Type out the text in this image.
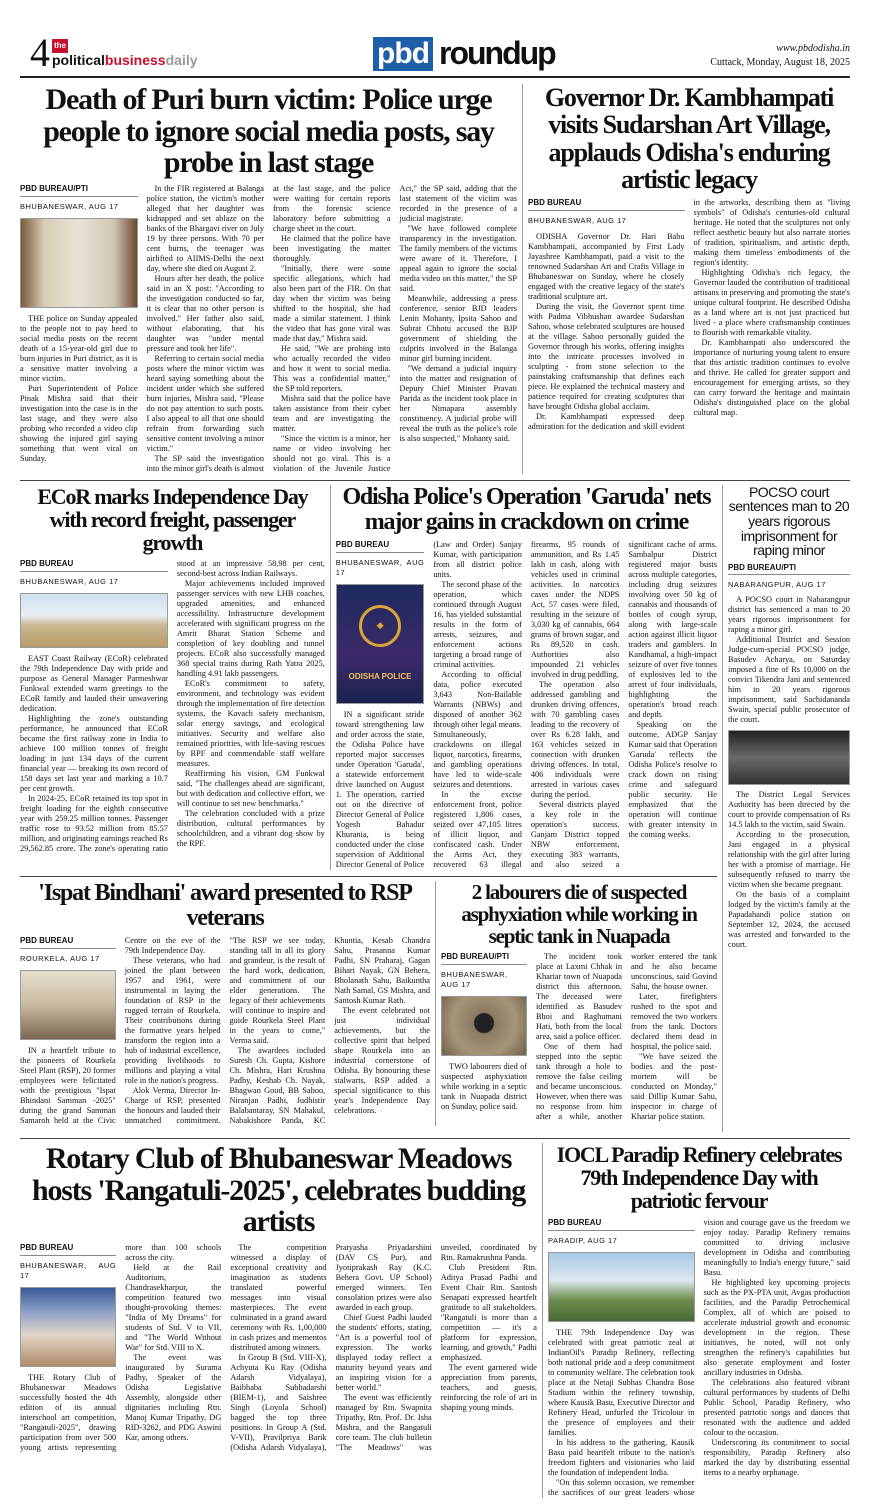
4 the
politicalbusinessdaily	pbd roundup	www.pbdodisha.in
Cuttack, Monday, August 18, 2025
Death of Puri burn victim: Police urge people to ignore social media posts, say probe in last stage
PBD BUREAU/PTI
BHUBANESWAR, AUG 17

THE police on Sunday appealed to the people not to pay heed to social media posts on the recent death of a 15-year-old girl due to burn injuries in Puri district, as it is a sensitive matter involving a minor victim.

Puri Superintendent of Police Pinak Mishra said that their investigation into the case is in the last stage, and they were also probing who recorded a video clip showing the injured girl saying something that went viral on Sunday.

In the FIR registered at Balanga police station, the victim's mother alleged that her daughter was kidnapped and set ablaze on the banks of the Bhargavi river on July 19 by three persons. With 70 per cent burns, the teenager was airlifted to AIIMS-Delhi the next day, where she died on August 2.

Hours after her death, the police said in an X post: "According to the investigation conducted so far, it is clear that no other person is involved." Her father also said, without elaborating, that his daughter was "under mental pressure and took her life".

Referring to certain social media posts where the minor victim was heard saying something about the incident under which she suffered burn injuries, Mishra said, "Please do not pay attention to such posts. I also appeal to all that one should refrain from forwarding such sensitive content involving a minor victim."

The SP said the investigation into the minor girl's death is almost at the last stage, and the police were waiting for certain reports from the forensic science laboratory before submitting a charge sheet in the court.

He claimed that the police have been investigating the matter thoroughly.

"Initially, there were some specific allegations, which had also been part of the FIR. On that day when the victim was being shifted to the hospital, she had made a similar statement. I think the video that has gone viral was made that day," Mishra said.

He said, "We are probing into who actually recorded the video and how it went to social media. This was a confidential matter," the SP told reporters.

Mishra said that the police have taken assistance from their cyber team and are investigating the matter.

"Since the victim is a minor, her name or video involving her should not go viral. This is a violation of the Juvenile Justice Act," the SP said, adding that the last statement of the victim was recorded in the presence of a judicial magistrate.

"We have followed complete transparency in the investigation. The family members of the victims were aware of it. Therefore, I appeal again to ignore the social media video on this matter," the SP said.

Meanwhile, addressing a press conference, senior BJD leaders Lenin Mohanty, Ipsita Sahoo and Subrat Chhotu accused the BJP government of shielding the culprits involved in the Balanga minor girl burning incident.

"We demand a judicial inquiry into the matter and resignation of Deputy Chief Minister Pravati Parida as the incident took place in her Nimapara assembly constituency. A judicial probe will reveal the truth as the police's role is also suspected," Mohanty said.

Governor Dr. Kambhampati visits Sudarshan Art Village, applauds Odisha's enduring artistic legacy
PBD BUREAU
BHUBANESWAR, AUG 17

ODISHA Governor Dr. Hari Babu Kambhampati, accompanied by First Lady Jayashree Kambhampati, paid a visit to the renowned Sudarshan Art and Crafts Village in Bhubaneswar on Sunday, where he closely engaged with the creative legacy of the state's traditional sculpture art.

During the visit, the Governor spent time with Padma Vibhushan awardee Sudarshan Sahoo, whose celebrated sculptures are housed at the village. Sahoo personally guided the Governor through his works, offering insights into the intricate processes involved in sculpting - from stone selection to the painstaking craftsmanship that defines each piece. He explained the technical mastery and patience required for creating sculptures that have brought Odisha global acclaim.

Dr. Kambhampati expressed deep admiration for the dedication and skill evident in the artworks, describing them as "living symbols" of Odisha's centuries-old cultural heritage. He noted that the sculptures not only reflect aesthetic beauty but also narrate stories of tradition, spiritualism, and artistic depth, making them timeless embodiments of the region's identity.

Highlighting Odisha's rich legacy, the Governor lauded the contribution of traditional artisans in preserving and promoting the state's unique cultural footprint. He described Odisha as a land where art is not just practiced but lived - a place where craftsmanship continues to flourish with remarkable vitality.

Dr. Kambhampati also underscored the importance of nurturing young talent to ensure that this artistic tradition continues to evolve and thrive. He called for greater support and encouragement for emerging artists, so they can carry forward the heritage and maintain Odisha's distinguished place on the global cultural map.

ECoR marks Independence Day with record freight, passenger growth
PBD BUREAU
BHUBANESWAR, AUG 17

EAST Coast Railway (ECoR) celebrated the 79th Independence Day with pride and purpose as General Manager Parmeshwar Funkwal extended warm greetings to the ECoR family and lauded their unwavering dedication.

Highlighting the zone's outstanding performance, he announced that ECoR became the first railway zone in India to achieve 100 million tonnes of freight loading in just 134 days of the current financial year — breaking its own record of 158 days set last year and marking a 10.7 per cent growth.

In 2024-25, ECoR retained its top spot in freight loading for the eighth consecutive year with 259.25 million tonnes. Passenger traffic rose to 93.52 million from 85.57 million, and originating earnings reached Rs 29,562.85 crore. The zone's operating ratio stood at an impressive 58.98 per cent, second-best across Indian Railways.

Major achievements included improved passenger services with new LHB coaches, upgraded amenities, and enhanced accessibility. Infrastructure development accelerated with significant progress on the Amrit Bharat Station Scheme and completion of key doubling and tunnel projects. ECoR also successfully managed 368 special trains during Rath Yatra 2025, handling 4.91 lakh passengers.

ECoR's commitment to safety, environment, and technology was evident through the implementation of fire detection systems, the Kavach safety mechanism, solar energy savings, and ecological initiatives. Security and welfare also remained priorities, with life-saving rescues by RPF and commendable staff welfare measures.

Reaffirming his vision, GM Funkwal said, "The challenges ahead are significant, but with dedication and collective effort, we will continue to set new benchmarks."

The celebration concluded with a prize distribution, cultural performances by schoolchildren, and a vibrant dog show by the RPF.

Odisha Police's Operation 'Garuda' nets major gains in crackdown on crime
PBD BUREAU
BHUBANESWAR, AUG 17
◆
ODISHA POLICE

IN a significant stride toward strengthening law and order across the state, the Odisha Police have reported major successes under Operation 'Garuda', a statewide enforcement drive launched on August 1. The operation, carried out on the directive of Director General of Police Yogesh Bahadur Khurania, is being conducted under the close supervision of Additional Director General of Police (Law and Order) Sanjay Kumar, with participation from all district police units.

The second phase of the operation, which continued through August 16, has yielded substantial results in the form of arrests, seizures, and enforcement actions targeting a broad range of criminal activities.

According to official data, police executed 3,643 Non-Bailable Warrants (NBWs) and disposed of another 362 through other legal means. Simultaneously, crackdowns on illegal liquor, narcotics, firearms, and gambling operations have led to wide-scale seizures and detentions.

In the excise enforcement front, police registered 1,806 cases, seized over 47,105 litres of illicit liquor, and confiscated cash. Under the Arms Act, they recovered 63 illegal firearms, 95 rounds of ammunition, and Rs 1.45 lakh in cash, along with vehicles used in criminal activities. In narcotics cases under the NDPS Act, 57 cases were filed, resulting in the seizure of 3,030 kg of cannabis, 664 grams of brown sugar, and Rs 89,520 in cash. Authorities also impounded 21 vehicles involved in drug peddling.

The operation also addressed gambling and drunken driving offences, with 70 gambling cases leading to the recovery of over Rs 6.28 lakh, and 163 vehicles seized in connection with drunken driving offences. In total, 406 individuals were arrested in various cases during the period.

Several districts played a key role in the operation's success. Ganjam District topped NBW enforcement, executing 383 warrants, and also seized a significant cache of arms. Sambalpur District registered major busts across multiple categories, including drug seizures involving over 50 kg of cannabis and thousands of bottles of cough syrup, along with large-scale action against illicit liquor traders and gamblers. In Kandhamal, a high-impact seizure of over five tonnes of explosives led to the arrest of four individuals, highlighting the operation's broad reach and depth.

Speaking on the outcome, ADGP Sanjay Kumar said that Operation 'Garuda' reflects the Odisha Police's resolve to crack down on rising crime and safeguard public security. He emphasized that the operation will continue with greater intensity in the coming weeks.

'Ispat Bindhani' award presented to RSP veterans
PBD BUREAU
ROURKELA, AUG 17

IN a heartfelt tribute to the pioneers of Rourkela Steel Plant (RSP), 20 former employees were felicitated with the prestigious "Ispat Bhindani Samman -2025" during the grand Samman Samaroh held at the Civic Centre on the eve of the 79th Independence Day.

These veterans, who had joined the plant between 1957 and 1961, were instrumental in laying the foundation of RSP in the rugged terrain of Rourkela. Their contributions during the formative years helped transform the region into a hub of industrial excellence, providing livelihoods to millions and playing a vital role in the nation's progress.

Alok Verma, Director In-Charge of RSP, presented the honours and lauded their unmatched commitment. "The RSP we see today, standing tall in all its glory and grandeur, is the result of the hard work, dedication, and commitment of our elder generations. The legacy of their achievements will continue to inspire and guide Rourkela Steel Plant in the years to come," Verma said.

The awardees included Suresh Ch. Gupta, Kishore Ch. Mishra, Hari Krushna Padhy, Keshab Ch. Nayak, Bhagwan Goud, BB Sahoo, Niranjan Padhi, Judhistir Balabantaray, SN Mahakul, Nabakishore Panda, KC Khuntia, Kesab Chandra Sahu, Prasanna Kumar Padhi, SN Praharaj, Gagan Bihari Nayak, GN Behera, Bholanath Sahu, Baikuntha Nath Samal, GS Mishra, and Santosh Kumar Rath.

The event celebrated not just individual achievements, but the collective spirit that helped shape Rourkela into an industrial cornerstone of Odisha. By honouring these stalwarts, RSP added a special significance to this year's Independence Day celebrations.

2 labourers die of suspected asphyxiation while working in septic tank in Nuapada
PBD BUREAU/PTI
BHUBANESWAR, AUG 17

TWO labourers died of suspected asphyxiation while working in a septic tank in Nuapada district on Sunday, police said.

The incident took place at Laxmi Chhak in Khariar town of Nuapada district this afternoon. The deceased were identified as Basudev Bhoi and Raghumani Hati, both from the local area, said a police officer.

One of them had stepped into the septic tank through a hole to remove the false ceiling and became unconscious. However, when there was no response from him after a while, another worker entered the tank and he also became unconscious, said Govind Sahu, the house owner.

Later, firefighters rushed to the spot and removed the two workers from the tank. Doctors declared them dead in hospital, the police said.

"We have seized the bodies and the post-mortem will be conducted on Monday," said Dillip Kumar Sahu, inspector in charge of Khariar police station.

POCSO court sentences man to 20 years rigorous imprisonment for raping minor
PBD BUREAU/PTI
NABARANGPUR, AUG 17

A POCSO court in Nabarangpur district has sentenced a man to 20 years rigorous imprisonment for raping a minor girl.

Additional District and Session Judge-cum-special POCSO judge, Basudev Acharya, on Saturday imposed a fine of Rs 10,000 on the convict Tikendra Jani and sentenced him to 20 years rigorous imprisonment, said Sachidananda Swain, special public prosecutor of the court.

The District Legal Services Authority has been directed by the court to provide compensation of Rs 14.5 lakh to the victim, said Swain.

According to the prosecution, Jani engaged in a physical relationship with the girl after luring her with a promise of marriage. He subsequently refused to marry the victim when she became pregnant.

On the basis of a complaint lodged by the victim's family at the Papadahandi police station on September 12, 2024, the accused was arrested and forwarded to the court.

Rotary Club of Bhubaneswar Meadows hosts 'Rangatuli-2025', celebrates budding artists
PBD BUREAU
BHUBANESWAR, AUG 17

THE Rotary Club of Bhubaneswar Meadows successfully hosted the 4th edition of its annual interschool art competition, "Rangatuli-2025", drawing participation from over 500 young artists representing more than 100 schools across the city.

Held at the Rail Auditorium, Chandrasekharpur, the competition featured two thought-provoking themes: "India of My Dreams" for students of Std. V to VII, and "The World Without War" for Std. VIII to X.

The event was inaugurated by Surama Padhy, Speaker of the Odisha Legislative Assembly, alongside other dignitaries including Rtn. Manoj Kumar Tripathy, DG RID-3262, and PDG Aswini Kar, among others.

The competition witnessed a display of exceptional creativity and imagination as students translated powerful messages into visual masterpieces. The event culminated in a grand award ceremony with Rs. 1,00,000 in cash prizes and mementos distributed among winners.

In Group B (Std. VIII-X), Achyuta Ku Ray (Odisha Adarsh Vidyalaya), Baibhaba Subhadarshi (BIEM-1), and Saishree Singh (Loyola School) bagged the top three positions. In Group A (Std. V-VII), Pravilpriya Barik (Odisha Adarsh Vidyalaya), Pratyasha Priyadarshini (DAV CS Pur), and Jyotiprakash Ray (K.C. Behera Govt. UP School) emerged winners. Ten consolation prizes were also awarded in each group.

Chief Guest Padhi lauded the students' efforts, stating, "Art is a powerful tool of expression. The works displayed today reflect a maturity beyond years and an inspiring vision for a better world."

The event was efficiently managed by Rtn. Swapnita Tripathy, Rtn. Prof. Dr. Isha Mishra, and the Rangatuli core team. The club bulletin "The Meadows" was unveiled, coordinated by Rtn. Ramakrushna Panda.

Club President Rtn. Aditya Prasad Padhi and Event Chair Rtn. Santosh Senapati expressed heartfelt gratitude to all stakeholders. "Rangatuli is more than a competition — it's a platform for expression, learning, and growth," Padhi emphasized.

The event garnered wide appreciation from parents, teachers, and guests, reinforcing the role of art in shaping young minds.

IOCL Paradip Refinery celebrates 79th Independence Day with patriotic fervour
PBD BUREAU
PARADIP, AUG 17

THE 79th Independence Day was celebrated with great patriotic zeal at IndianOil's Paradip Refinery, reflecting both national pride and a deep commitment to community welfare. The celebration took place at the Netaji Subhas Chandra Bose Stadium within the refinery township, where Kausik Basu, Executive Director and Refinery Head, unfurled the Tricolour in the presence of employees and their families.

In his address to the gathering, Kausik Basu paid heartfelt tribute to the nation's freedom fighters and visionaries who laid the foundation of independent India.

"On this solemn occasion, we remember the sacrifices of our great leaders whose vision and courage gave us the freedom we enjoy today. Paradip Refinery remains committed to driving inclusive development in Odisha and contributing meaningfully to India's energy future," said Basu.

He highlighted key upcoming projects such as the PX-PTA unit, Avgas production facilities, and the Paradip Petrochemical Complex, all of which are poised to accelerate industrial growth and economic development in the region. These initiatives, he noted, will not only strengthen the refinery's capabilities but also generate employment and foster ancillary industries in Odisha.

The celebrations also featured vibrant cultural performances by students of Delhi Public School, Paradip Refinery, who presented patriotic songs and dances that resonated with the audience and added colour to the occasion.

Underscoring its commitment to social responsibility, Paradip Refinery also marked the day by distributing essential items to a nearby orphanage.
